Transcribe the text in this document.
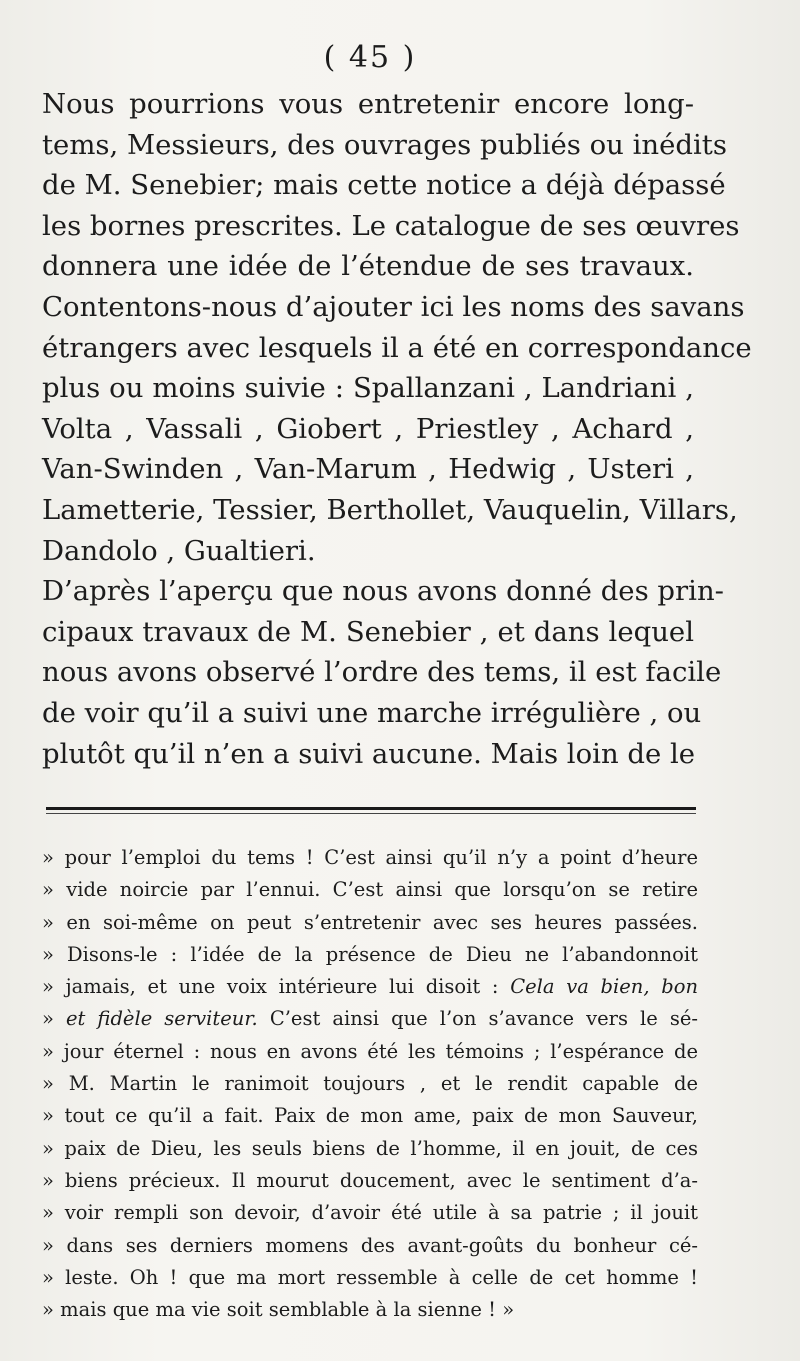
( 45 )
Nous pourrions vous entretenir encore long-
tems, Messieurs, des ouvrages publiés ou inédits
de M. Senebier; mais cette notice a déjà dépassé
les bornes prescrites. Le catalogue de ses œuvres
donnera une idée de l’étendue de ses travaux.
Contentons-nous d’ajouter ici les noms des savans
étrangers avec lesquels il a été en correspondance
plus ou moins suivie : Spallanzani , Landriani ,
Volta , Vassali , Giobert , Priestley , Achard ,
Van-Swinden , Van-Marum , Hedwig , Usteri ,
Lametterie, Tessier, Berthollet, Vauquelin, Villars,
Dandolo , Gualtieri.
D’après l’aperçu que nous avons donné des prin-
cipaux travaux de M. Senebier , et dans lequel
nous avons observé l’ordre des tems, il est facile
de voir qu’il a suivi une marche irrégulière , ou
plutôt qu’il n’en a suivi aucune. Mais loin de le
» pour l’emploi du tems ! C’est ainsi qu’il n’y a point d’heure
» vide noircie par l’ennui. C’est ainsi que lorsqu’on se retire
» en soi-même on peut s’entretenir avec ses heures passées.
» Disons-le : l’idée de la présence de Dieu ne l’abandonnoit
» jamais, et une voix intérieure lui disoit : Cela va bien, bon
» et fidèle serviteur. C’est ainsi que l’on s’avance vers le sé-
» jour éternel : nous en avons été les témoins ; l’espérance de
» M. Martin le ranimoit toujours , et le rendit capable de
» tout ce qu’il a fait. Paix de mon ame, paix de mon Sauveur,
» paix de Dieu, les seuls biens de l’homme, il en jouit, de ces
» biens précieux. Il mourut doucement, avec le sentiment d’a-
» voir rempli son devoir, d’avoir été utile à sa patrie ; il jouit
» dans ses derniers momens des avant-goûts du bonheur cé-
» leste. Oh ! que ma mort ressemble à celle de cet homme !
» mais que ma vie soit semblable à la sienne ! »
